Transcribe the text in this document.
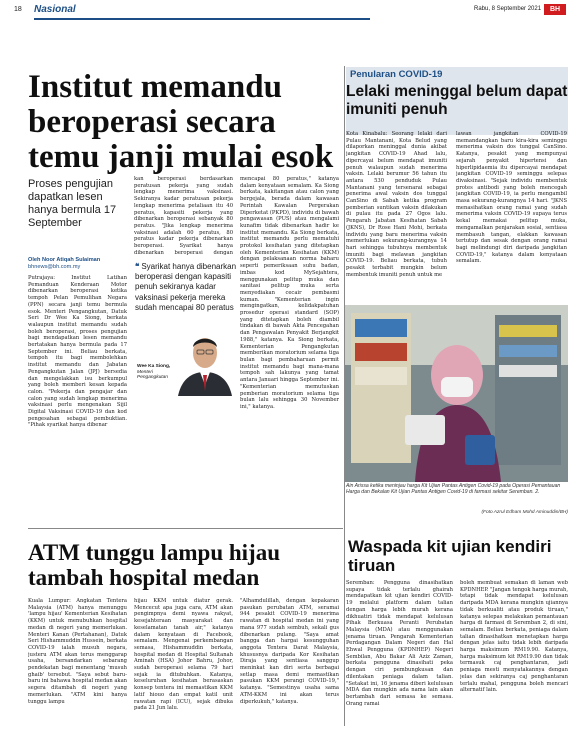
18 Nasional	Rabu, 8 September 2021	BH
Institut memandu beroperasi secara temu janji mulai esok
Proses pengujian dapatkan lesen hanya bermula 17 September
Oleh Noor Atiqah Sulaiman
bhnews@bh.com.my
Putrajaya: Institut Latihan Pemanduan Kenderaan Motor dibenarkan beroperasi ketika tempoh Pelan Pemulihan Negara (PPN) secara janji temu bermula esok. Menteri Pengangkutan, Datuk Seri Dr Wee Ka Siong, berkata walaupun institut memandu sudah boleh beroperasi, proses pengujian bagi mendapatkan lesen memandu bertatakan hanya bermula pada 17 September ini. Beliau berkata, tempoh itu bagi membolehkan institut memandu dan Jabatan Pengangkutan Jalan (JPJ) bersedia dan mengelakkan isu berkumpul yang boleh memberi kesan kepada calon. "Pekerja dan pengajar dan calon yang sudah lengkap menerima vaksinasi perlu mengenakan Sijil Digital Vaksinasi COVID-19 dan kod pengesahan sebagai pembuktian. "Pihak syarikat hanya dibenar
kan beroperasi berdasarkan peratusan pekerja yang sudah lengkap menerima vaksinasi. Sekiranya kadar peratusan pekerja lengkap menerima petaliaan itu 40 peratus, kapasiti pekerja yang dibenarkan beroperasi sebanyak 80 peratus. "Jika lengkap menerima vaksinasi adalah 60 peratus, 80 peratus kadar pekerja dibenarkan beroperasi. Syarikat hanya dibenarkan beroperasi dengan
mencapai 80 peratus," katanya dalam kenyataan semalam. Ka Siong berkata, kakitangan atau calon yang bergejala, berada dalam kawasan Perintah Kawalan Pergerakan Diperketat (PKPD), individu di bawah pengawasan (PUS) atau mengalami kunafim tidak dibenarkan hadir ke institut memandu. Ka Siong berkata, institut memandu perlu mematuhi protokol kesihatan yang ditetapkan oleh Kementerian Kesihatan (KKM) dengan pelaksanaan norma baharu seperti pemeriksaan suhu badan, imbas kod MySejahtera, menggunakan pelitup muka dan sanitasi pelitup muka serta menyediakan cecair pembasmi kuman. "Kementerian ingin mengingatkan, kelidakpatuhan prosedur operasi standard (SOP) yang ditetapkan boleh diambil tindakan di bawah Akta Pencegahan dan Pengawalan Penyakit Berjangkit 1988," katanya. Ka Siong berkata, Kementerian Pengangkutan memberikan moratorium selama tiga bulan bagi pembaharuan permit institut memandu bagi mana-mana tempoh sah lakunya yang tamat antara Januari hingga September ini. "Kementerian memutuskan pemberian moratorium selama tiga bulan lalu sehingga 30 November ini," katanya.
❝ Syarikat hanya dibenarkan beroperasi dengan kapasiti penuh sekiranya kadar vaksinasi pekerja mereka sudah mencapai 80 peratus
Wee Ka Siong,
Menteri Pengangkutan
ATM tunggu lampu hijau tambah hospital medan
Kuala Lumpur: Angkatan Tentera Malaysia (ATM) hanya menunggu 'lampu hijau' Kementerian Kesihatan (KKM) untuk menubuhkan hospital medan di negeri yang memerlukan. Menteri Kanan (Pertahanan), Datuk Seri Hishammuddin Hussein, berkata COVID-19 ialah musuh negara, justeru ATM akan terus menggarap usaha, bersandarkan sebarang pendekatan bagi menentang 'musuh ghaib' tersebut. "Saya sebut baru-baru ini bahawa hospital medan akan segera ditambah di negeri yang memerlukan. "ATM kini hanya tunggu lampu
hijau KKM untuk diatur gerak. Mencecut apa juga cara, ATM akan pengimpnya demi nyawa rakyat, kesejahteraan masyarakat dan keselamatan tanah air," katanya dalam kenyataan di Facebook, semalam. Mengenai perkembangan semasa, Hishammuddin berkata, hospital medan di Hospital Sultanah Aminah (HSA) Johor Bahru, Johor, sudah beroperasi selama 79 hari sejak ia ditubuhkan. Katanya, keseluruhan kesihatan berasaskan konsep tentera ini memastikan KKM latif hiouo dan empat katil unit rawatan rapi (ICU), sejak dibuka pada 21 Jun lalu.
"Alhamdulillah, dengan kepakaran pasukan perubatan ATM, seramai 944 pesakit COVID-19 menerima rawatan di hospital medan ini yang mana 977 sudah sembuh, sekali gus dibenarkan pulang. "Saya amat bangga dan hargai kesungguhan anggota Tentera Darat Malaysia, khususnya daripada Kor Kesihatan Diraja yang sentiasa sanggup meninkat kan diri serta berbagai setlap masa demi memastikan pasukan KKM perangi COVID-19," katanya. "Semestinya usaha sama ATM-KKM ini akan terus diperkukuh," katanya.
Penularan COVID-19
Lelaki meninggal belum dapat imuniti penuh
Kota Kinabalu: Seorang lelaki dari Pulau Mantanani, Kota Belud yang dilaporkan meninggal dunia akibat jangkitan COVID-19 Ahad lalu, dipercayai belum mendapat imuniti penuh walaupun sudah menerima vaksin. Lelaki berumur 56 tahun itu antara 530 penduduk Pulau Mantanani yang tersenarai sebagai penerima awal vaksin dos tunggal CanSino di Sabah ketika program pemberian suntikan vaksin dilakukan di pulau itu pada 27 Ogos lalu. Pengarah Jabatan Kesihatan Sabah (JKNS), Dr Rose Hani Mohi, berkata individu yang baru menerima vaksin memerlukan sekurang-kurangnya 14 hari sehingga tubuhnya membentuk imuniti bagi melawan jangkitan COVID-19. Beliau berkata, tubuh pesakit terbabit mungkin belum membentuk imuniti penuh untuk me
lawan jangkitan COVID-19 memandangkan baru kira-kira seminggu menerima vaksin dos tunggal CanSino. Katanya, pesakit yang mempunyai sejarah penyakit hipertensi dan hiperlipidaemia itu dipercayai mendapat jangkitan COVID-19 seminggu selepas divaksinasi. "Sejak individu membentuk protes antibodi yang boleh mencegah jangkitan COVID-19, ia perlu mengambil masa sekurang-kurangnya 14 hari. "JKNS menasihatkan orang ramai yang sudah menerima vaksin COVID-19 supaya terus kekal memakai pelitup muka, mengamalkan penjarakan sosial, sentiasa membasuh tangan, elakkan kawasan tertutup dan sesak dengan orang ramai bagi melindungi diri daripada jangkitan COVID-19," katanya dalam kenyataan semalam.
Ain Arissa ketika meninjau harga Kit Ujian Pantas Antigen Covid-19 pada Operasi Pemantauan Harga dan Bekalan Kit Ujian Pantas Antigen Covid-19 di farmasi sekitar Seremban. 2.
(Foto Azrul Edham Mohd Aminuddin/BH)
Waspada kit ujian kendiri tiruan
Seremban: Pengguna dinasihatkan supaya tidak terlalu ghairah mendapatkan kit ujian kendiri COVID-19 melalui platform dalam talian dengan harga lebih murah kerana dikhuatiri tidak mendapat kelulusan Pihak Berkuasa Peranti Perubatan Malaysia (MDA) atau menggunakan jenama tiruan. Pengarah Kementerian Perdagangan Dalam Negeri dan Hal Ehwal Pengguna (KPDNHEP) Negeri Sembilan, Abu Bakar Ali Aziz Zaman, berkata pengguna dinasihati peka dengan ciri pembungkusan dan dilentakan peniaga dalam talian. "Setakat ini, 16 jenama diberi kelulusan MDA dan mungkin ada nama lain akan bertambah dari semasa ke semasa. Orang ramai
boleh membuat semakan di laman web KPDNHEP. "Jangan tengok harga murah, tetapi tidak mendapat kelulusan daripada MDA kerana mungkin ujiannya tidak berkualiti atau produk tiruan," katanya selepas melakukan pemantauan harga di farmasi di Seremban 2, di sini, semalam. Beliau berkata, peniaga dalam talian dinasihatkan menetapkan harga dengan jelas iaitu tidak lebih daripada harga maksimum RM19.90. Katanya, harga maksimum kit RM19.90 dan tidak termasuk caj penghantaran, jadi peniaga mesti menyatakannya dengan jelas dan sekiranya caj penghantaran terlalu mahal, pengguna boleh mencari alternatif lain.
